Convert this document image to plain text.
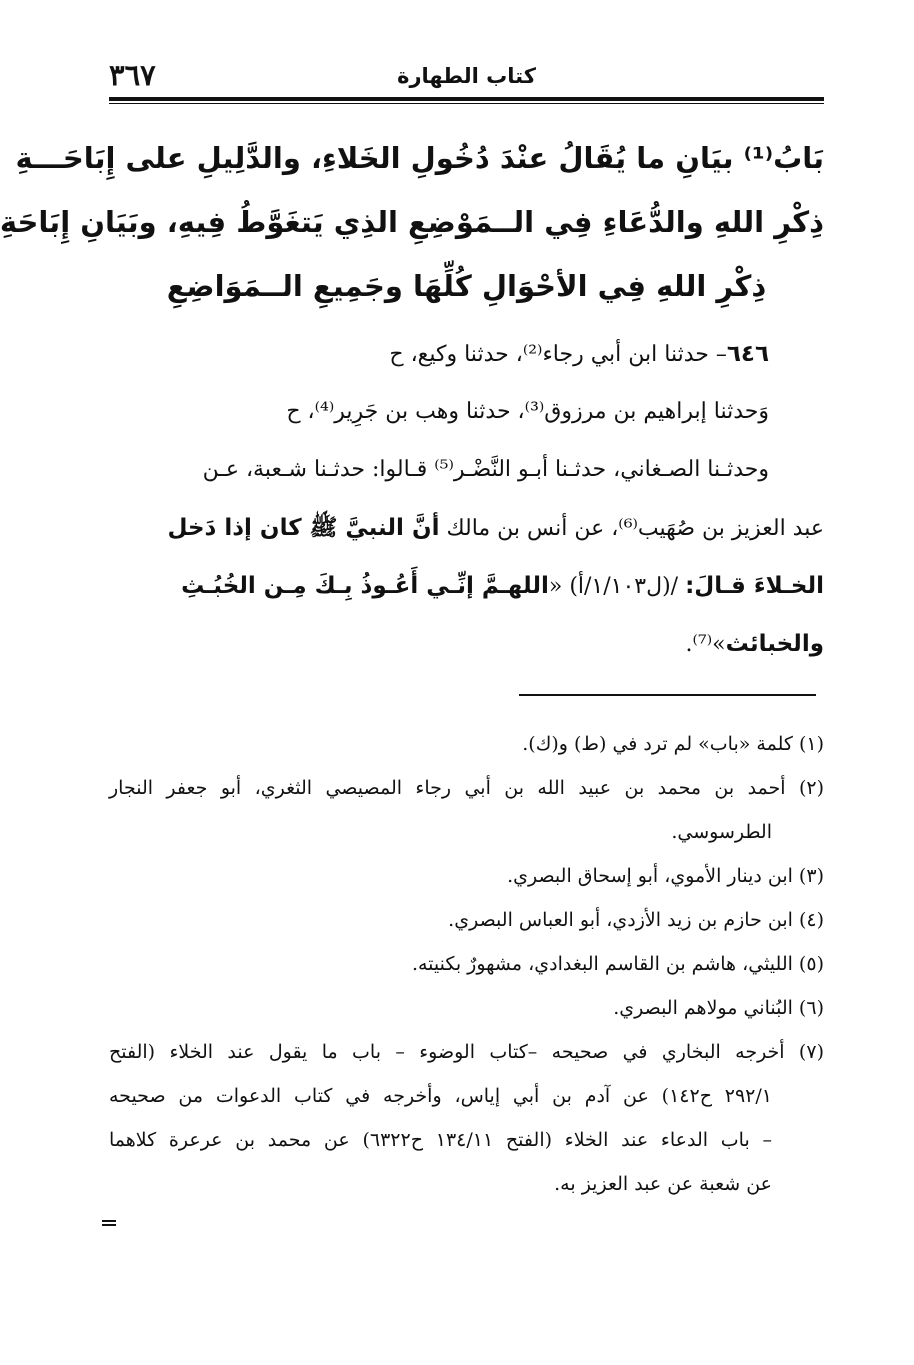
كتاب الطهارة
٣٦٧
بَابُ⁽¹⁾ بيَانِ ما يُقَالُ عنْدَ دُخُولِ الخَلاءِ، والدَّلِيلِ على إِبَاحَـــةِ
ذِكْرِ اللهِ والدُّعَاءِ فِي الــمَوْضِعِ الذِي يَتغَوَّطُ فِيهِ، وبَيَانِ إِبَاحَةِ
ذِكْرِ اللهِ فِي الأحْوَالِ كُلِّهَا وجَمِيعِ الــمَوَاضِعِ
٦٤٦– حدثنا ابن أبي رجاء⁽²⁾، حدثنا وكيع، ح
وَحدثنا إبراهيم بن مرزوق⁽³⁾، حدثنا وهب بن جَرِير⁽⁴⁾، ح
وحدثـنا الصـغاني، حدثـنا أبـو النَّضْـر⁽⁵⁾ قـالوا: حدثـنا شـعبة، عـن
عبد العزيز بن صُهَيب⁽⁶⁾، عن أنس بن مالك أنَّ النبيَّ ﷺ كان إذا دَخل
الخـلاءَ قـالَ: /(ل١/١٠٣/أ) «اللهـمَّ إنِّـي أَعُـوذُ بِـكَ مِـن الخُبُـثِ
والخبائث»⁽⁷⁾.
(١) كلمة «باب» لم ترد في (ط) و(ك).
(٢) أحمد بن محمد بن عبيد الله بن أبي رجاء المصيصي الثغري، أبو جعفر النجار
الطرسوسي.
(٣) ابن دينار الأموي، أبو إسحاق البصري.
(٤) ابن حازم بن زيد الأزدي، أبو العباس البصري.
(٥) الليثي، هاشم بن القاسم البغدادي، مشهورٌ بكنيته.
(٦) البُناني مولاهم البصري.
(٧) أخرجه البخاري في صحيحه –كتاب الوضوء – باب ما يقول عند الخلاء (الفتح
٢٩٢/١ ح١٤٢) عن آدم بن أبي إياس، وأخرجه في كتاب الدعوات من صحيحه
– باب الدعاء عند الخلاء (الفتح ١٣٤/١١ ح٦٣٢٢) عن محمد بن عرعرة كلاهما
عن شعبة عن عبد العزيز به.
